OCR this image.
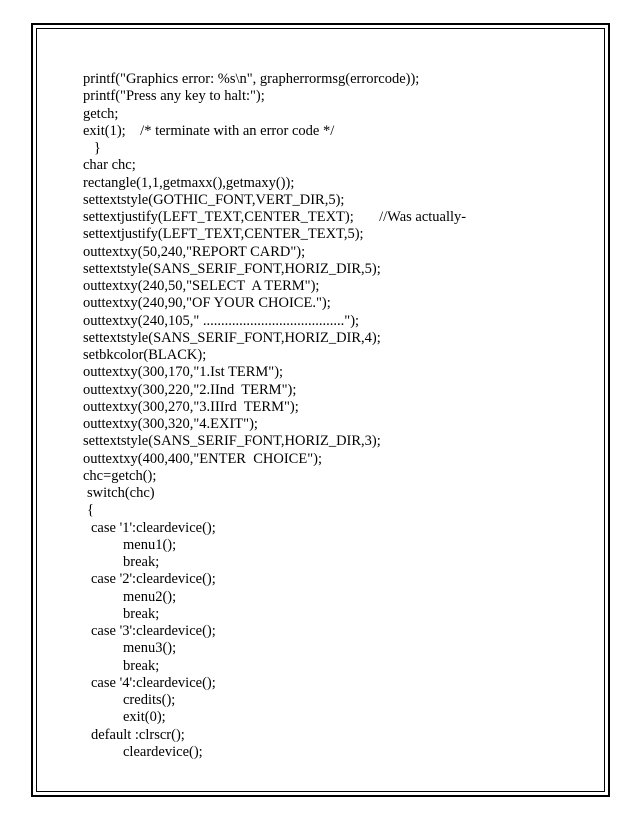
printf("Graphics error: %s\n", grapherrormsg(errorcode));
printf("Press any key to halt:");
getch;
exit(1);    /* terminate with an error code */
}
char chc;
rectangle(1,1,getmaxx(),getmaxy());
settextstyle(GOTHIC_FONT,VERT_DIR,5);
settextjustify(LEFT_TEXT,CENTER_TEXT);       //Was actually-
settextjustify(LEFT_TEXT,CENTER_TEXT,5);
outtextxy(50,240,"REPORT CARD");
settextstyle(SANS_SERIF_FONT,HORIZ_DIR,5);
outtextxy(240,50,"SELECT  A TERM");
outtextxy(240,90,"OF YOUR CHOICE.");
outtextxy(240,105," .......................................");
settextstyle(SANS_SERIF_FONT,HORIZ_DIR,4);
setbkcolor(BLACK);
outtextxy(300,170,"1.Ist TERM");
outtextxy(300,220,"2.IInd  TERM");
outtextxy(300,270,"3.IIIrd  TERM");
outtextxy(300,320,"4.EXIT");
settextstyle(SANS_SERIF_FONT,HORIZ_DIR,3);
outtextxy(400,400,"ENTER  CHOICE");
chc=getch();
switch(chc)
{
case '1':cleardevice();
menu1();
break;
case '2':cleardevice();
menu2();
break;
case '3':cleardevice();
menu3();
break;
case '4':cleardevice();
credits();
exit(0);
default :clrscr();
cleardevice();
